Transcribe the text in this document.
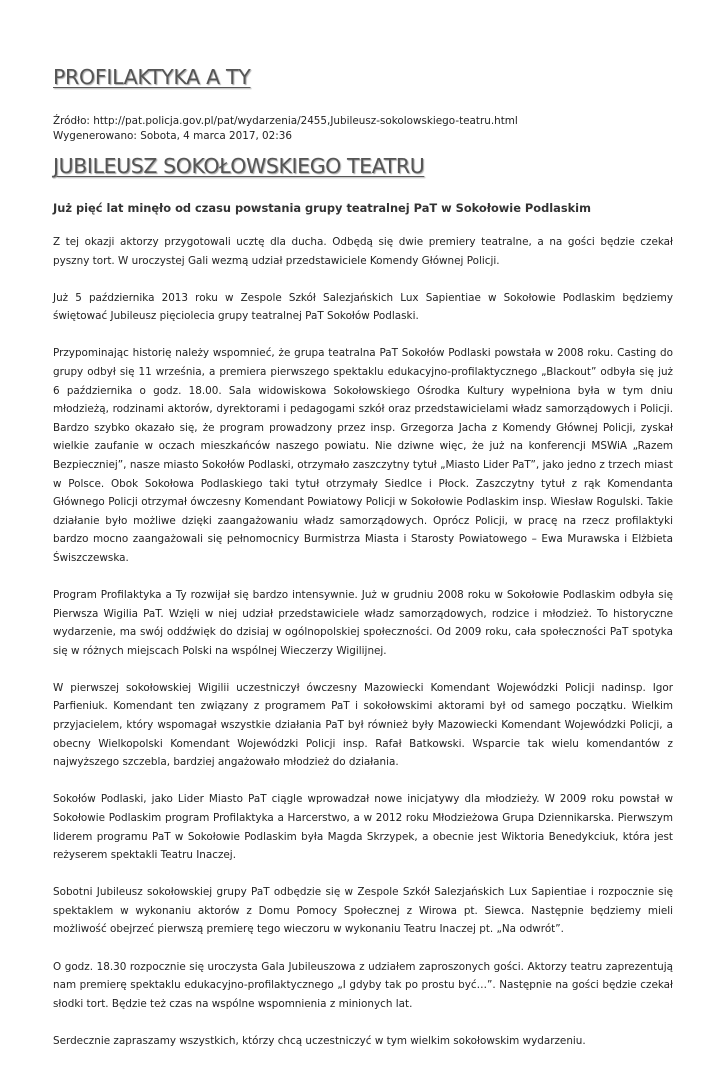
PROFILAKTYKA A TY
Źródło: http://pat.policja.gov.pl/pat/wydarzenia/2455,Jubileusz-sokolowskiego-teatru.html
Wygenerowano: Sobota, 4 marca 2017, 02:36
JUBILEUSZ SOKOŁOWSKIEGO TEATRU

Już pięć lat minęło od czasu powstania grupy teatralnej PaT w Sokołowie Podlaskim

Z tej okazji aktorzy przygotowali ucztę dla ducha. Odbędą się dwie premiery teatralne, a na gości będzie czekał pyszny tort. W uroczystej Gali wezmą udział przedstawiciele Komendy Głównej Policji.

Już 5 października 2013 roku w Zespole Szkół Salezjańskich Lux Sapientiae w Sokołowie Podlaskim będziemy świętować Jubileusz pięciolecia grupy teatralnej PaT Sokołów Podlaski.

Przypominając historię należy wspomnieć, że grupa teatralna PaT Sokołów Podlaski powstała w 2008 roku. Casting do grupy odbył się 11 września, a premiera pierwszego spektaklu edukacyjno-profilaktycznego „Blackout” odbyła się już 6 października o godz. 18.00. Sala widowiskowa Sokołowskiego Ośrodka Kultury wypełniona była w tym dniu młodzieżą, rodzinami aktorów, dyrektorami i pedagogami szkół oraz przedstawicielami władz samorządowych i Policji. Bardzo szybko okazało się, że program prowadzony przez insp. Grzegorza Jacha z Komendy Głównej Policji, zyskał wielkie zaufanie w oczach mieszkańców naszego powiatu. Nie dziwne więc, że już na konferencji MSWiA „Razem Bezpieczniej”, nasze miasto Sokołów Podlaski, otrzymało zaszczytny tytuł „Miasto Lider PaT”, jako jedno z trzech miast w Polsce. Obok Sokołowa Podlaskiego taki tytuł otrzymały Siedlce i Płock. Zaszczytny tytuł z rąk Komendanta Głównego Policji otrzymał ówczesny Komendant Powiatowy Policji w Sokołowie Podlaskim insp. Wiesław Rogulski. Takie działanie było możliwe dzięki zaangażowaniu władz samorządowych. Oprócz Policji, w pracę na rzecz profilaktyki bardzo mocno zaangażowali się pełnomocnicy Burmistrza Miasta i Starosty Powiatowego – Ewa Murawska i Elżbieta Świszczewska.

Program Profilaktyka a Ty rozwijał się bardzo intensywnie. Już w grudniu 2008 roku w Sokołowie Podlaskim odbyła się Pierwsza Wigilia PaT. Wzięli w niej udział przedstawiciele władz samorządowych, rodzice i młodzież. To historyczne wydarzenie, ma swój oddźwięk do dzisiaj w ogólnopolskiej społeczności. Od 2009 roku, cała społeczności PaT spotyka się w różnych miejscach Polski na wspólnej Wieczerzy Wigilijnej.

W pierwszej sokołowskiej Wigilii uczestniczył ówczesny Mazowiecki Komendant Wojewódzki Policji nadinsp. Igor Parfieniuk. Komendant ten związany z programem PaT i sokołowskimi aktorami był od samego początku. Wielkim przyjacielem, który wspomagał wszystkie działania PaT był również były Mazowiecki Komendant Wojewódzki Policji, a obecny Wielkopolski Komendant Wojewódzki Policji insp. Rafał Batkowski. Wsparcie tak wielu komendantów z najwyższego szczebla, bardziej angażowało młodzież do działania.

Sokołów Podlaski, jako Lider Miasto PaT ciągle wprowadzał nowe inicjatywy dla młodzieży. W 2009 roku powstał w Sokołowie Podlaskim program Profilaktyka a Harcerstwo, a w 2012 roku Młodzieżowa Grupa Dziennikarska. Pierwszym liderem programu PaT w Sokołowie Podlaskim była Magda Skrzypek, a obecnie jest Wiktoria Benedykciuk, która jest reżyserem spektakli Teatru Inaczej.

Sobotni Jubileusz sokołowskiej grupy PaT odbędzie się w Zespole Szkół Salezjańskich Lux Sapientiae i rozpocznie się spektaklem w wykonaniu aktorów z Domu Pomocy Społecznej z Wirowa pt. Siewca. Następnie będziemy mieli możliwość obejrzeć pierwszą premierę tego wieczoru w wykonaniu Teatru Inaczej pt. „Na odwrót”.

O godz. 18.30 rozpocznie się uroczysta Gala Jubileuszowa z udziałem zaproszonych gości. Aktorzy teatru zaprezentują nam premierę spektaklu edukacyjno-profilaktycznego „I gdyby tak po prostu być…”. Następnie na gości będzie czekał słodki tort. Będzie też czas na wspólne wspomnienia z minionych lat.

Serdecznie zapraszamy wszystkich, którzy chcą uczestniczyć w tym wielkim sokołowskim wydarzeniu.
